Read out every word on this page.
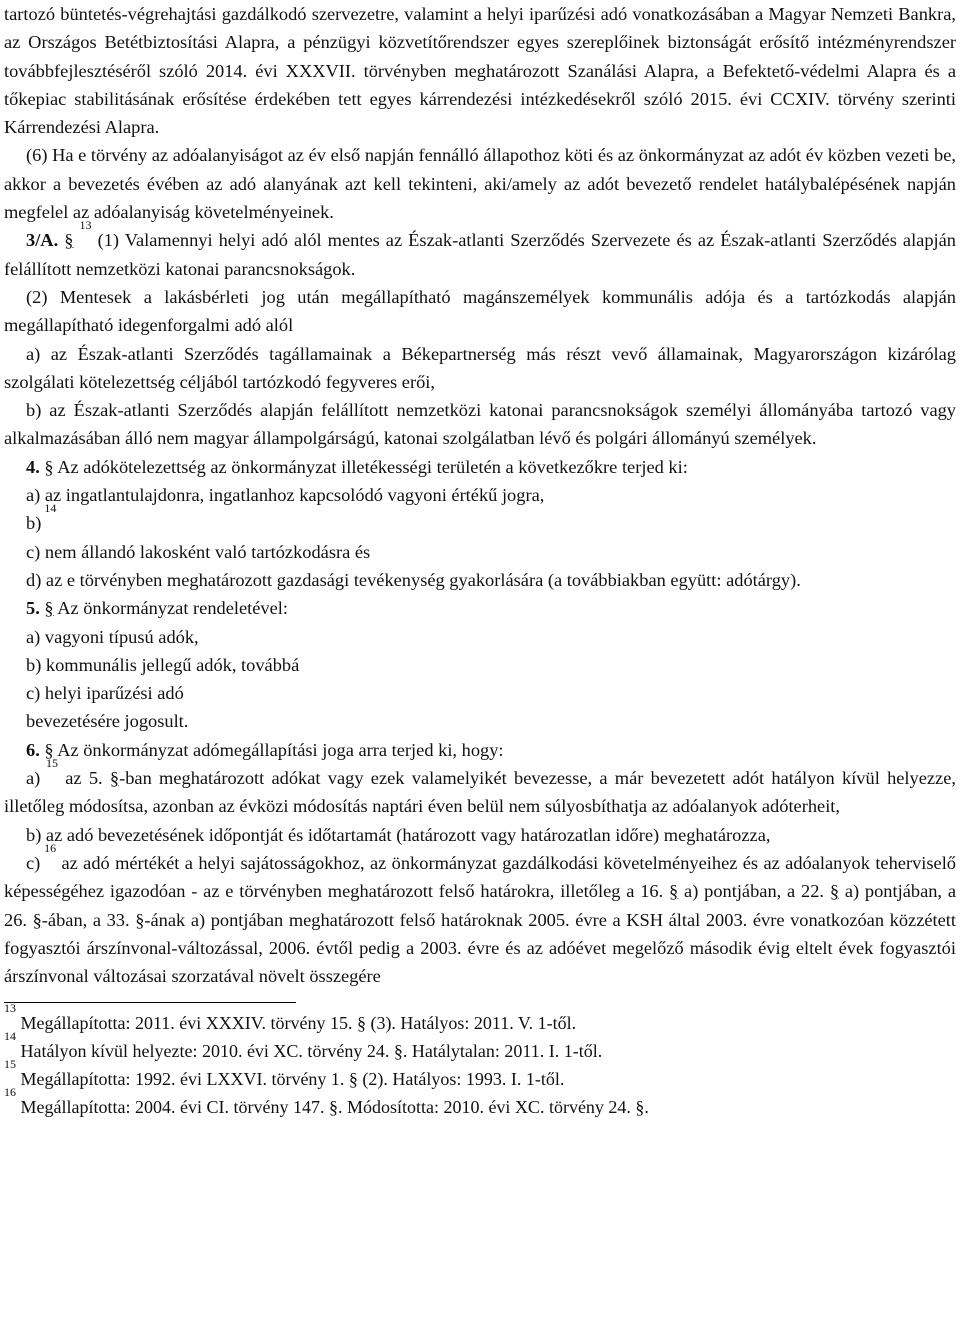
tartozó büntetés-végrehajtási gazdálkodó szervezetre, valamint a helyi iparűzési adó vonatkozásában a Magyar Nemzeti Bankra, az Országos Betétbiztosítási Alapra, a pénzügyi közvetítőrendszer egyes szereplőinek biztonságát erősítő intézményrendszer továbbfejlesztéséről szóló 2014. évi XXXVII. törvényben meghatározott Szanálási Alapra, a Befektető-védelmi Alapra és a tőkepiac stabilitásának erősítése érdekében tett egyes kárrendezési intézkedésekről szóló 2015. évi CCXIV. törvény szerinti Kárrendezési Alapra.

(6) Ha e törvény az adóalanyiságot az év első napján fennálló állapothoz köti és az önkormányzat az adót év közben vezeti be, akkor a bevezetés évében az adó alanyának azt kell tekinteni, aki/amely az adót bevezető rendelet hatálybalépésének napján megfelel az adóalanyiság követelményeinek.

3/A. § $^{13}$ (1) Valamennyi helyi adó alól mentes az Észak-atlanti Szerződés Szervezete és az Észak-atlanti Szerződés alapján felállított nemzetközi katonai parancsnokságok.

(2) Mentesek a lakásbérleti jog után megállapítható magánszemélyek kommunális adója és a tartózkodás alapján megállapítható idegenforgalmi adó alól

a) az Észak-atlanti Szerződés tagállamainak a Békepartnerség más részt vevő államainak, Magyarországon kizárólag szolgálati kötelezettség céljából tartózkodó fegyveres erői,

b) az Észak-atlanti Szerződés alapján felállított nemzetközi katonai parancsnokságok személyi állományába tartozó vagy alkalmazásában álló nem magyar állampolgárságú, katonai szolgálatban lévő és polgári állományú személyek.

4. § Az adókötelezettség az önkormányzat illetékességi területén a következőkre terjed ki:

a) az ingatlantulajdonra, ingatlanhoz kapcsolódó vagyoni értékű jogra,

b) $^{14}$

c) nem állandó lakosként való tartózkodásra és

d) az e törvényben meghatározott gazdasági tevékenység gyakorlására (a továbbiakban együtt: adótárgy).

5. § Az önkormányzat rendeletével:

a) vagyoni típusú adók,

b) kommunális jellegű adók, továbbá

c) helyi iparűzési adó

bevezetésére jogosult.

6. § Az önkormányzat adómegállapítási joga arra terjed ki, hogy:

a) $^{15}$ az 5. §-ban meghatározott adókat vagy ezek valamelyikét bevezesse, a már bevezetett adót hatályon kívül helyezze, illetőleg módosítsa, azonban az évközi módosítás naptári éven belül nem súlyosbíthatja az adóalanyok adóterheit,

b) az adó bevezetésének időpontját és időtartamát (határozott vagy határozatlan időre) meghatározza,

c) $^{16}$ az adó mértékét a helyi sajátosságokhoz, az önkormányzat gazdálkodási követelményeihez és az adóalanyok teherviselő képességéhez igazodóan - az e törvényben meghatározott felső határokra, illetőleg a 16. § a) pontjában, a 22. § a) pontjában, a 26. §-ában, a 33. §-ának a) pontjában meghatározott felső határoknak 2005. évre a KSH által 2003. évre vonatkozóan közzétett fogyasztói árszínvonal-változással, 2006. évtől pedig a 2003. évre és az adóévet megelőző második évig eltelt évek fogyasztói árszínvonal változásai szorzatával növelt összegére

$^{13}$ Megállapította: 2011. évi XXXIV. törvény 15. § (3). Hatályos: 2011. V. 1-től.

$^{14}$ Hatályon kívül helyezte: 2010. évi XC. törvény 24. §. Hatálytalan: 2011. I. 1-től.

$^{15}$ Megállapította: 1992. évi LXXVI. törvény 1. § (2). Hatályos: 1993. I. 1-től.

$^{16}$ Megállapította: 2004. évi CI. törvény 147. §. Módosította: 2010. évi XC. törvény 24. §.
